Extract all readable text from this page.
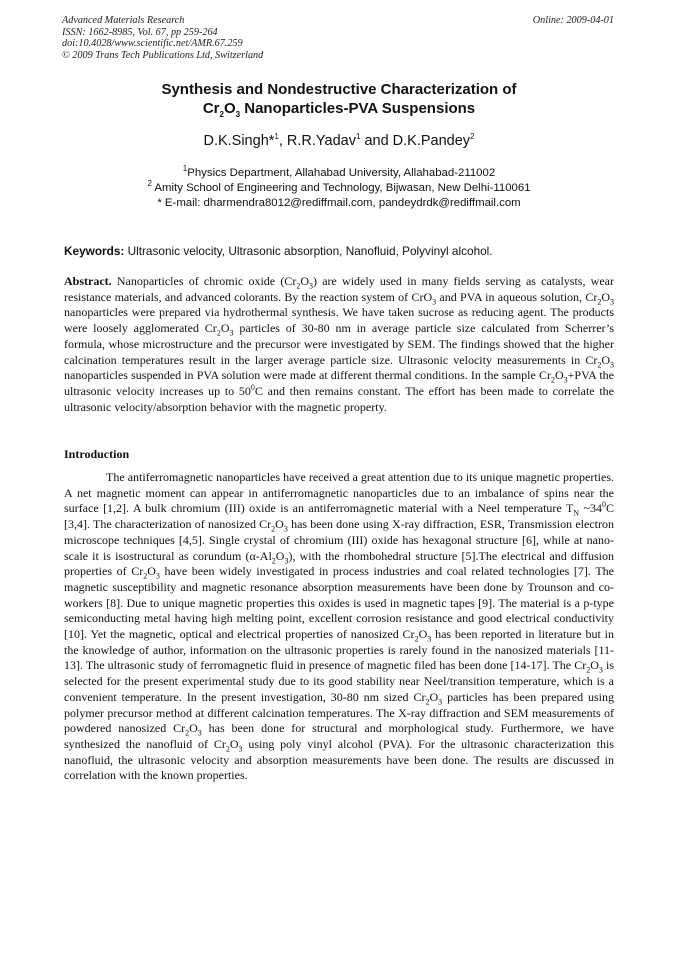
Advanced Materials Research
ISSN: 1662-8985, Vol. 67, pp 259-264
doi:10.4028/www.scientific.net/AMR.67.259
© 2009 Trans Tech Publications Ltd, Switzerland
Online: 2009-04-01
Synthesis and Nondestructive Characterization of
$Cr_2O_3$ Nanoparticles-PVA Suspensions
D.K.Singh*$^1$, R.R.Yadav$^1$ and D.K.Pandey$^2$
$^1$Physics Department, Allahabad University, Allahabad-211002
$^2$ Amity School of Engineering and Technology, Bijwasan, New Delhi-110061
* E-mail: dharmendra8012@rediffmail.com, pandeydrdk@rediffmail.com
Keywords: Ultrasonic velocity, Ultrasonic absorption, Nanofluid, Polyvinyl alcohol.
Abstract. Nanoparticles of chromic oxide $(Cr_2O_3)$ are widely used in many fields serving as catalysts, wear resistance materials, and advanced colorants. By the reaction system of CrO$_3$ and PVA in aqueous solution, $Cr_2O_3$ nanoparticles were prepared via hydrothermal synthesis. We have taken sucrose as reducing agent. The products were loosely agglomerated $Cr_2O_3$ particles of 30-80 nm in average particle size calculated from Scherrer’s formula, whose microstructure and the precursor were investigated by SEM. The findings showed that the higher calcination temperatures result in the larger average particle size. Ultrasonic velocity measurements in $Cr_2O_3$ nanoparticles suspended in PVA solution were made at different thermal conditions. In the sample $Cr_2O_3+PVA$ the ultrasonic velocity increases up to $50^0C$ and then remains constant. The effort has been made to correlate the ultrasonic velocity/absorption behavior with the magnetic property.
Introduction
The antiferromagnetic nanoparticles have received a great attention due to its unique magnetic properties. A net magnetic moment can appear in antiferromagnetic nanoparticles due to an imbalance of spins near the surface [1,2]. A bulk chromium (III) oxide is an antiferromagnetic material with a Neel temperature $T_N$ $\sim 34^0C$ [3,4]. The characterization of nanosized $Cr_2O_3$ has been done using X-ray diffraction, ESR, Transmission electron microscope techniques [4,5]. Single crystal of chromium (III) oxide has hexagonal structure [6], while at nano-scale it is isostructural as corundum $(\alpha-Al_2O_3)$, with the rhombohedral structure [5].The electrical and diffusion properties of $Cr_2O_3$ have been widely investigated in process industries and coal related technologies [7]. The magnetic susceptibility and magnetic resonance absorption measurements have been done by Trounson and co-workers [8]. Due to unique magnetic properties this oxides is used in magnetic tapes [9]. The material is a p-type semiconducting metal having high melting point, excellent corrosion resistance and good electrical conductivity [10]. Yet the magnetic, optical and electrical properties of nanosized $Cr_2O_3$ has been reported in literature but in the knowledge of author, information on the ultrasonic properties is rarely found in the nanosized materials [11-13]. The ultrasonic study of ferromagnetic fluid in presence of magnetic filed has been done [14-17]. The $Cr_2O_3$ is selected for the present experimental study due to its good stability near Neel/transition temperature, which is a convenient temperature. In the present investigation, 30-80 nm sized $Cr_2O_3$ particles has been prepared using polymer precursor method at different calcination temperatures. The X-ray diffraction and SEM measurements of powdered nanosized $Cr_2O_3$ has been done for structural and morphological study. Furthermore, we have synthesized the nanofluid of $Cr_2O_3$ using poly vinyl alcohol (PVA). For the ultrasonic characterization this nanofluid, the ultrasonic velocity and absorption measurements have been done. The results are discussed in correlation with the known properties.
